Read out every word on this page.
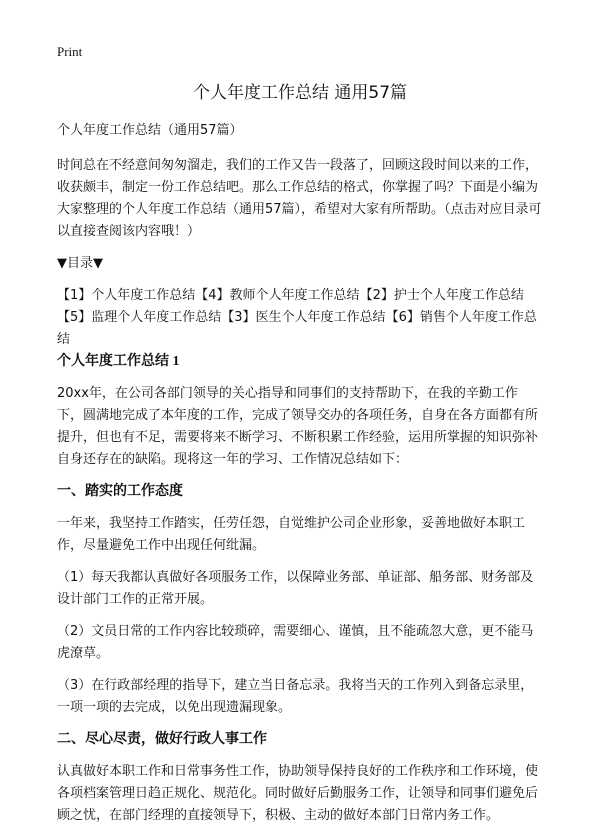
Print
个人年度工作总结 通用57篇
个人年度工作总结（通用57篇）

时间总在不经意间匆匆溜走，我们的工作又告一段落了，回顾这段时间以来的工作，收获颇丰，制定一份工作总结吧。那么工作总结的格式，你掌握了吗？下面是小编为大家整理的个人年度工作总结（通用57篇），希望对大家有所帮助。（点击对应目录可以直接查阅该内容哦！）

▼目录▼
【1】个人年度工作总结【4】教师个人年度工作总结【2】护士个人年度工作总结
【5】监理个人年度工作总结【3】医生个人年度工作总结【6】销售个人年度工作总结
个人年度工作总结 1

20xx年，在公司各部门领导的关心指导和同事们的支持帮助下，在我的辛勤工作下，圆满地完成了本年度的工作，完成了领导交办的各项任务，自身在各方面都有所提升，但也有不足，需要将来不断学习、不断积累工作经验，运用所掌握的知识弥补自身还存在的缺陷。现将这一年的学习、工作情况总结如下：

一、踏实的工作态度

一年来，我坚持工作踏实，任劳任怨，自觉维护公司企业形象，妥善地做好本职工作，尽量避免工作中出现任何纰漏。

（1）每天我都认真做好各项服务工作，以保障业务部、单证部、船务部、财务部及设计部门工作的正常开展。

（2）文员日常的工作内容比较琐碎，需要细心、谨慎，且不能疏忽大意，更不能马虎潦草。

（3）在行政部经理的指导下，建立当日备忘录。我将当天的工作列入到备忘录里，一项一项的去完成，以免出现遗漏现象。

二、尽心尽责，做好行政人事工作

认真做好本职工作和日常事务性工作，协助领导保持良好的工作秩序和工作环境，使各项档案管理日趋正规化、规范化。同时做好后勤服务工作，让领导和同事们避免后顾之忧，在部门经理的直接领导下，积极、主动的做好本部门日常内务工作。
